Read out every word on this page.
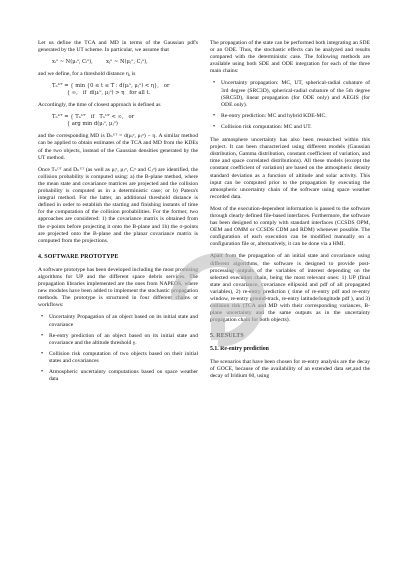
Let us define the TCA and MD in terms of the Gaussian pdf's generated by the UT scheme. In particular, we assume that

xᵢᵘ ~ N(μᵢᵘ, Cᵢᵘ),        xⱼᵘ ~ N(μⱼᵘ, Cⱼᵘ),

and we define, for a threshold distance η, is

Tₙᵁᵀ = { min {0 ≤ t ≤ T : d(μᵢᵘ, μⱼᵘ) < η},   or
{ ∞,   if  d(μᵢᵘ, μⱼᵘ) > η   for all t.

Accordingly, the time of closest approach is defined as

Tₙᵁᵀ = { Tₙᵁᵀ   if   Tₙᵁᵀ < ∞,   or
{ arg min d(μᵢᵘ, μⱼᵘ)

and the corresponding MD is Dₙᵁᵀ = d(μᵢᵘ, μⱼᵘ) − η. A similar method can be applied to obtain estimates of the TCA and MD from the KDEs of the two objects, instead of the Gaussian densities generated by the UT method.

Once Tₙᵁᵀ and Dₙᵁᵀ (as well as μᵢᵘ, μⱼᵘ, Cᵢᵘ and Cⱼᵘ) are identified, the collision probability is computed using: a) the B-plane method, where the mean state and covariance matrices are projected and the collision probability is computed as in a deterministic case; or b) Patera's integral method. For the latter, an additional threshold distance is defined in order to establish the starting and finishing instants of time for the computation of the collision probabilities. For the former, two approaches are considered: 1) the covariance matrix is obtained from the σ-points before projecting it onto the B-plane and 1b) the σ-points are projected onto the B-plane and the planar covariance matrix is computed from the projections.

4. SOFTWARE PROTOTYPE

A software prototype has been developed including the most promising algorithms for UP and the different space debris services. The propagation libraries implemented are the ones from NAPEOS, where new modules have been added to implement the stochastic propagation methods. The prototype is structured in four different chains or workflows:

• Uncertainty Propagation of an object based on its initial state and covariance
• Re-entry prediction of an object based on its initial state and covariance and the altitude threshold γ.
• Collision risk computation of two objects based on their initial states and covariances
• Atmospheric uncertainty computations based on space weather data

The propagation of the state can be performed both integrating an SDE or an ODE. Thus, the stochastic effects can be analyzed and results compared with the deterministic case. The following methods are available using both SDE and ODE integration for each of the three main chains:

• Uncertainty propagation: MC, UT, spherical-radial cubature of 3rd degree (SRC3D), spherical-radial cubature of the 5th degree (SRC5D), linear propagation (for ODE only) and AEGIS (for ODE only).
• Re-entry prediction: MC and hybrid KDE-MC.
• Collision risk computation: MC and UT.

The atmosphere uncertainty has also been researched within this project. It can been characterized using different models (Gaussian distribution, Gamma distribution, constant coefficient of variation, and time and space correlated distributions). All these models (except the constant coefficient of variation) are based on the atmospheric density standard deviation as a function of altitude and solar activity. This input can be computed prior to the propagation by executing the atmospheric uncertainty chain of the software using space weather recorded data.

Most of the execution-dependent information is passed to the software through clearly defined file-based interfaces. Furthermore, the software has been designed to comply with standard interfaces (CCSDS OPM, OEM and OMM or CCSDS CDM and RDM) whenever possible. The configuration of each execution can be modified manually on a configuration file or, alternatively, it can be done via a HMI.

Apart from the propagation of an initial state and covariance using different algorithms, the software is designed to provide post-processing outputs of the variables of interest depending on the selected execution chain, being the most relevant ones: 1) UP (final state and covariance, covariance ellipsoid and pdf of all propagated variables), 2) re-entry prediction ( time of re-entry pdf and re-entry window, re-entry ground-track, re-entry latitude/longitude pdf ), and 3) collision risk (TCA and MD with their corresponding variances, B-plane uncertainty and the same outputs as in the uncertainty propagation chain for both objects).

5. RESULTS
5.1. Re-entry prediction

The scenarios that have been chosen for re-entry analysis are the decay of GOCE, because of the availability of an extended data set,and the decay of Iridium 60, using
